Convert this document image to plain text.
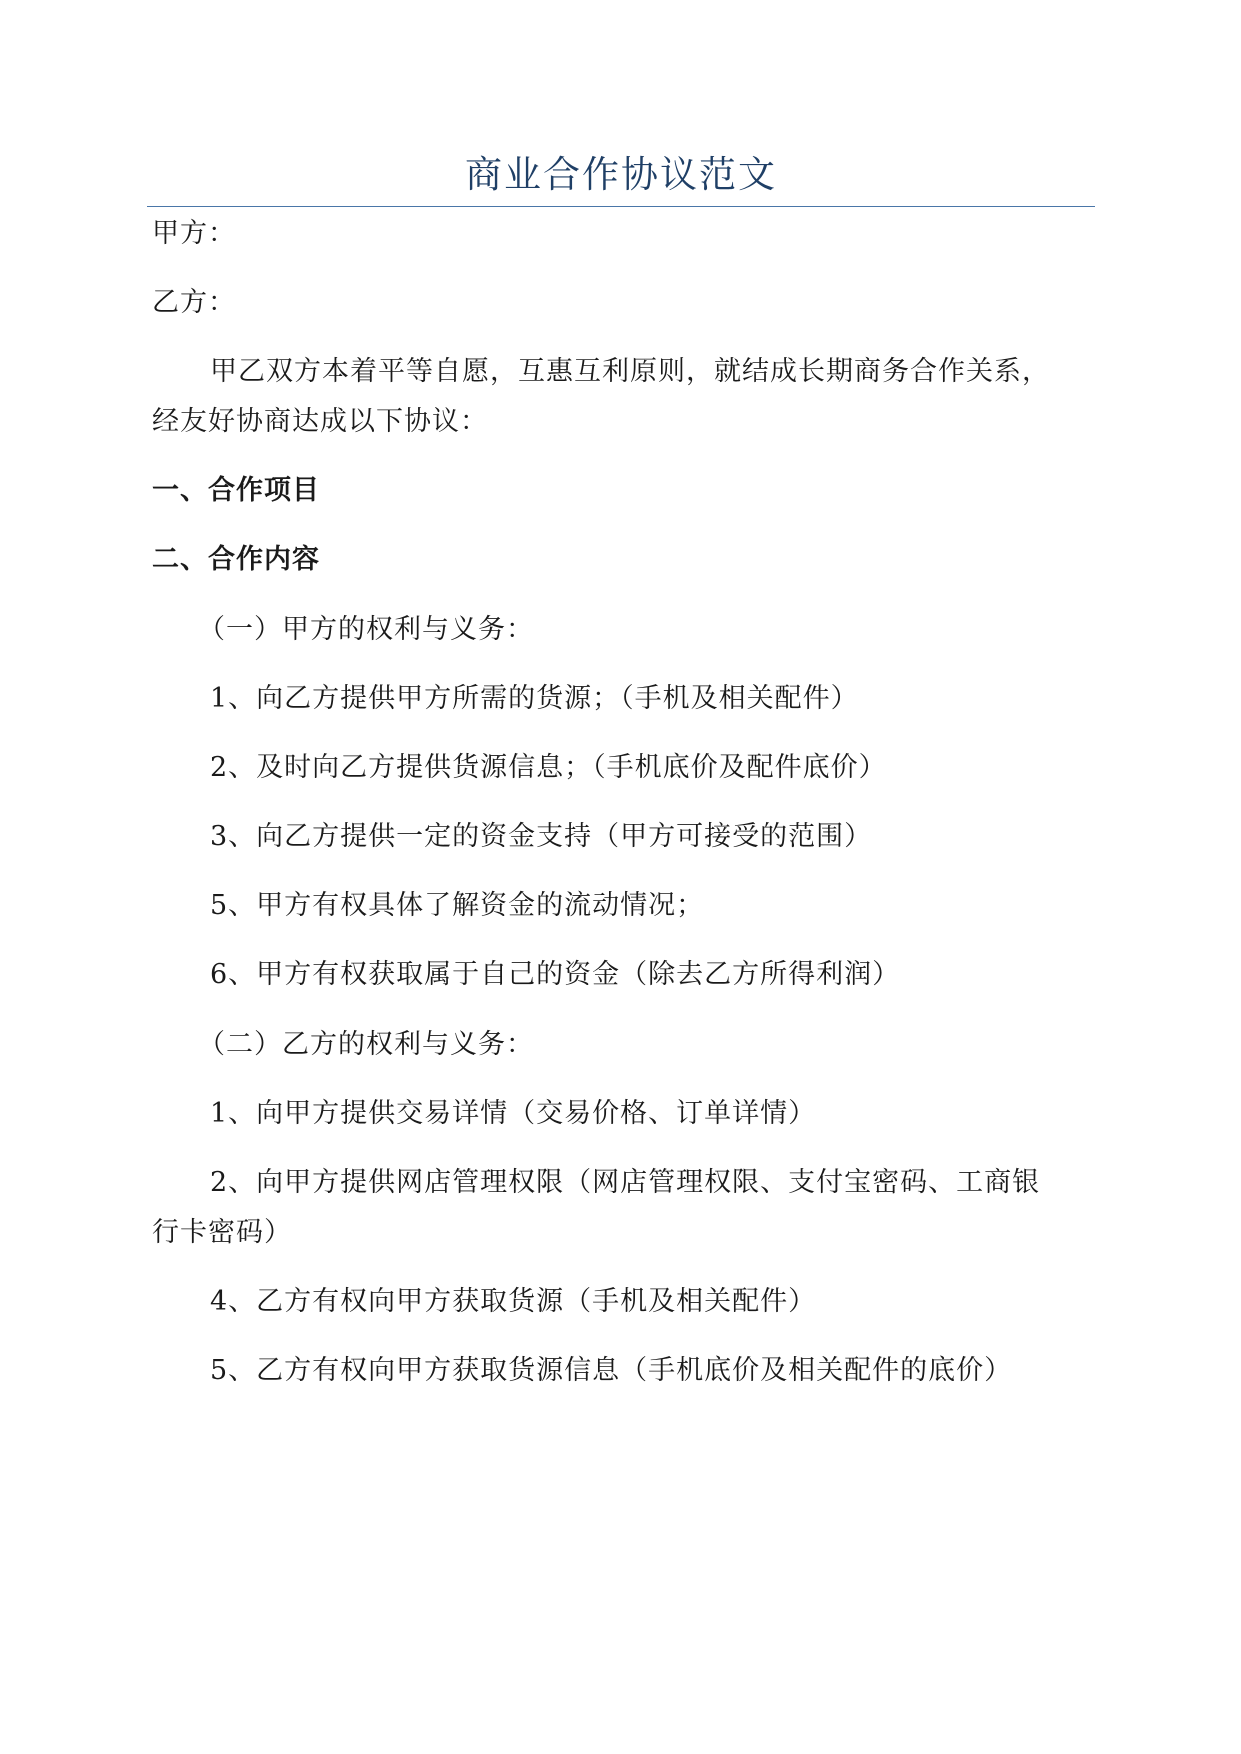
商业合作协议范文
甲方：
乙方：
甲乙双方本着平等自愿，互惠互利原则，就结成长期商务合作关系，
经友好协商达成以下协议：
一、合作项目
二、合作内容
（一）甲方的权利与义务：
1、向乙方提供甲方所需的货源；（手机及相关配件）
2、及时向乙方提供货源信息；（手机底价及配件底价）
3、向乙方提供一定的资金支持（甲方可接受的范围）
5、甲方有权具体了解资金的流动情况；
6、甲方有权获取属于自己的资金（除去乙方所得利润）
（二）乙方的权利与义务：
1、向甲方提供交易详情（交易价格、订单详情）
2、向甲方提供网店管理权限（网店管理权限、支付宝密码、工商银
行卡密码）
4、乙方有权向甲方获取货源（手机及相关配件）
5、乙方有权向甲方获取货源信息（手机底价及相关配件的底价）
